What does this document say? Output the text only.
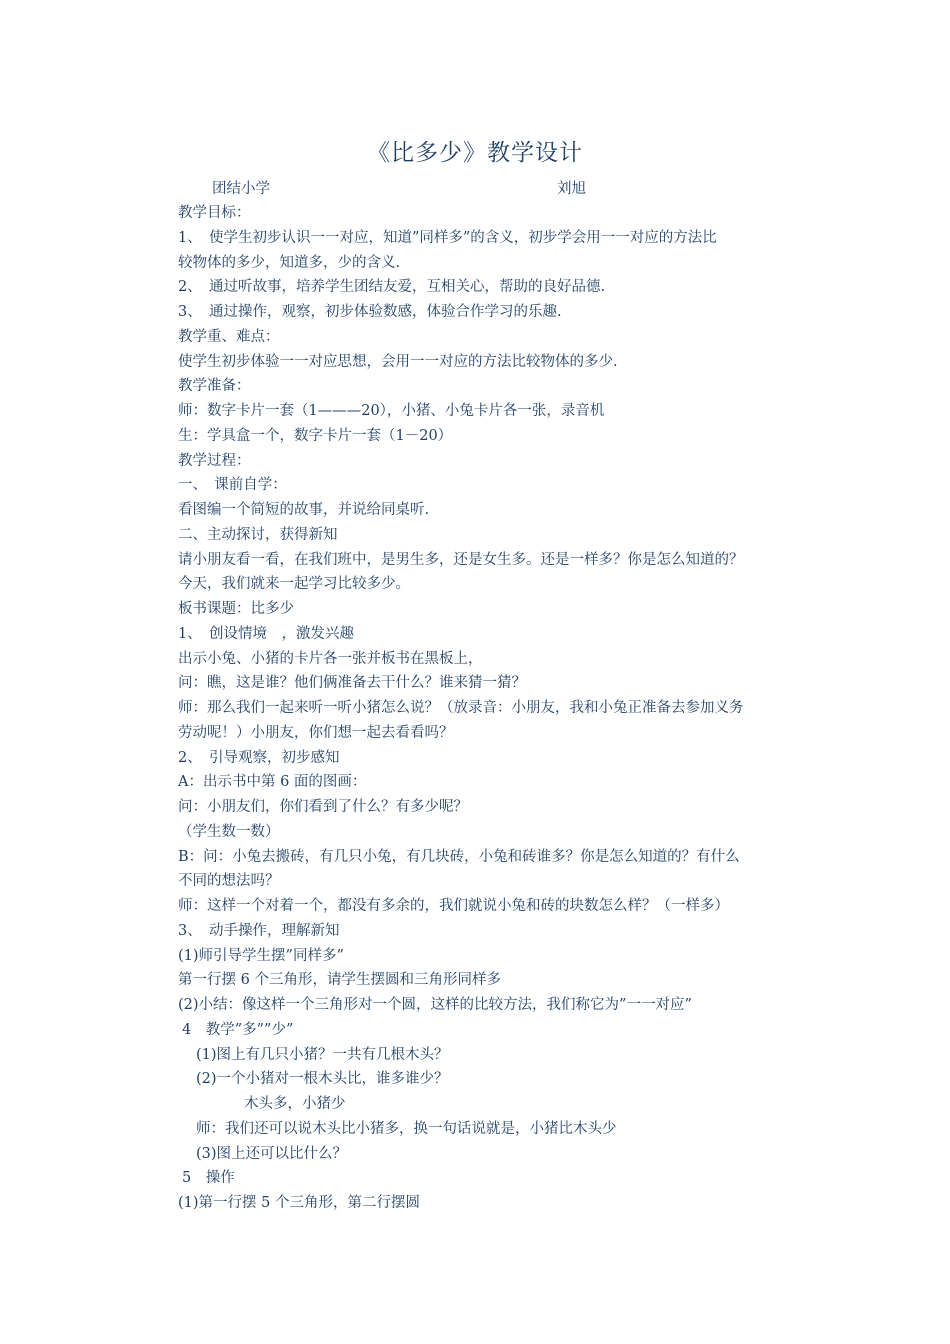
《比多少》教学设计
团结小学	刘旭
教学目标：
1、　使学生初步认识一一对应，知道”同样多”的含义，初步学会用一一对应的方法比
较物体的多少，知道多，少的含义.
2、　通过听故事，培养学生团结友爱，互相关心，帮助的良好品德.
3、　通过操作，观察，初步体验数感，体验合作学习的乐趣.
教学重、难点：
使学生初步体验一一对应思想，会用一一对应的方法比较物体的多少.
教学准备：
师：数字卡片一套（1———20），小猪、小兔卡片各一张，录音机
生：学具盒一个，数字卡片一套（1－20）
教学过程：
一、　课前自学：
看图编一个简短的故事，并说给同桌听.
二、主动探讨，获得新知
请小朋友看一看，在我们班中，是男生多，还是女生多。还是一样多？你是怎么知道的？
今天，我们就来一起学习比较多少。
板书课题：比多少
1、　创设情境　，激发兴趣
出示小兔、小猪的卡片各一张并板书在黑板上，
问：瞧，这是谁？他们俩准备去干什么？谁来猜一猜？
师：那么我们一起来听一听小猪怎么说？（放录音：小朋友，我和小兔正准备去参加义务
劳动呢！）小朋友，你们想一起去看看吗？
2、　引导观察，初步感知
A：出示书中第 6 面的图画：
问：小朋友们，你们看到了什么？有多少呢？
（学生数一数）
B：问：小兔去搬砖，有几只小兔，有几块砖，小兔和砖谁多？你是怎么知道的？有什么
不同的想法吗？
师：这样一个对着一个，都没有多余的，我们就说小兔和砖的块数怎么样？（一样多）
3、　动手操作，理解新知
(1)师引导学生摆”同样多”
第一行摆 6 个三角形，请学生摆圆和三角形同样多
(2)小结：像这样一个三角形对一个圆，这样的比较方法，我们称它为”一一对应”
4　教学”多””少”
(1)图上有几只小猪？一共有几根木头？
(2)一个小猪对一根木头比，谁多谁少？
木头多，小猪少
师：我们还可以说木头比小猪多，换一句话说就是，小猪比木头少
(3)图上还可以比什么？
5　操作
(1)第一行摆 5 个三角形，第二行摆圆
